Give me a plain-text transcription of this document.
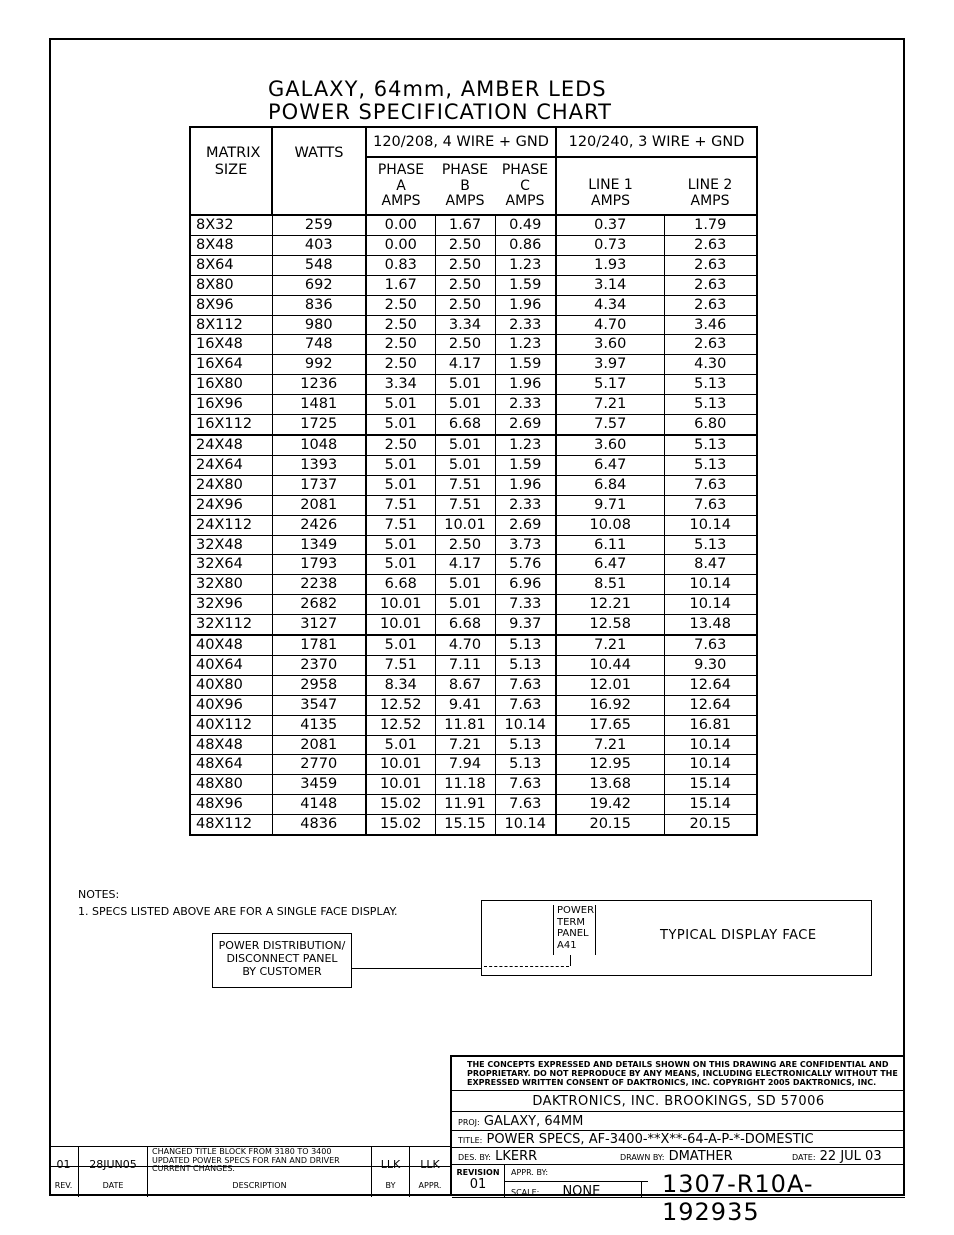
GALAXY, 64mm, AMBER LEDS
POWER SPECIFICATION CHART
MATRIX SIZE	WATTS	120/208, 4 WIRE + GND			120/240, 3 WIRE + GND	
		PHASE A AMPS	PHASE B AMPS	PHASE C AMPS	LINE 1 AMPS	LINE 2 AMPS
8X32	259	0.00	1.67	0.49	0.37	1.79
8X48	403	0.00	2.50	0.86	0.73	2.63
8X64	548	0.83	2.50	1.23	1.93	2.63
8X80	692	1.67	2.50	1.59	3.14	2.63
8X96	836	2.50	2.50	1.96	4.34	2.63
8X112	980	2.50	3.34	2.33	4.70	3.46
16X48	748	2.50	2.50	1.23	3.60	2.63
16X64	992	2.50	4.17	1.59	3.97	4.30
16X80	1236	3.34	5.01	1.96	5.17	5.13
16X96	1481	5.01	5.01	2.33	7.21	5.13
16X112	1725	5.01	6.68	2.69	7.57	6.80
24X48	1048	2.50	5.01	1.23	3.60	5.13
24X64	1393	5.01	5.01	1.59	6.47	5.13
24X80	1737	5.01	7.51	1.96	6.84	7.63
24X96	2081	7.51	7.51	2.33	9.71	7.63
24X112	2426	7.51	10.01	2.69	10.08	10.14
32X48	1349	5.01	2.50	3.73	6.11	5.13
32X64	1793	5.01	4.17	5.76	6.47	8.47
32X80	2238	6.68	5.01	6.96	8.51	10.14
32X96	2682	10.01	5.01	7.33	12.21	10.14
32X112	3127	10.01	6.68	9.37	12.58	13.48
40X48	1781	5.01	4.70	5.13	7.21	7.63
40X64	2370	7.51	7.11	5.13	10.44	9.30
40X80	2958	8.34	8.67	7.63	12.01	12.64
40X96	3547	12.52	9.41	7.63	16.92	12.64
40X112	4135	12.52	11.81	10.14	17.65	16.81
48X48	2081	5.01	7.21	5.13	7.21	10.14
48X64	2770	10.01	7.94	5.13	12.95	10.14
48X80	3459	10.01	11.18	7.63	13.68	15.14
48X96	4148	15.02	11.91	7.63	19.42	15.14
48X112	4836	15.02	15.15	10.14	20.15	20.15
NOTES:
1. SPECS LISTED ABOVE ARE FOR A SINGLE FACE DISPLAY.
POWER DISTRIBUTION/
DISCONNECT PANEL
BY CUSTOMER
POWER
TERM
PANEL
A41
TYPICAL DISPLAY FACE
THE CONCEPTS EXPRESSED AND DETAILS SHOWN ON THIS DRAWING ARE CONFIDENTIAL AND PROPRIETARY. DO NOT REPRODUCE BY ANY MEANS, INCLUDING ELECTRONICALLY WITHOUT THE EXPRESSED WRITTEN CONSENT OF DAKTRONICS, INC. COPYRIGHT 2005 DAKTRONICS, INC.
DAKTRONICS, INC. BROOKINGS, SD 57006
PROJ: GALAXY, 64MM
TITLE: POWER SPECS, AF-3400-**X**-64-A-P-*-DOMESTIC
DES. BY: LKERR	DRAWN BY: DMATHER	DATE: 22 JUL 03
REVISION
01
APPR. BY:
SCALE: NONE	1307-R10A-192935
01	28JUN05
CHANGED TITLE BLOCK FROM 3180 TO 3400 UPDATED POWER SPECS FOR FAN AND DRIVER CURRENT CHANGES.	LLK	LLK
REV.	DATE	DESCRIPTION	BY	APPR.
